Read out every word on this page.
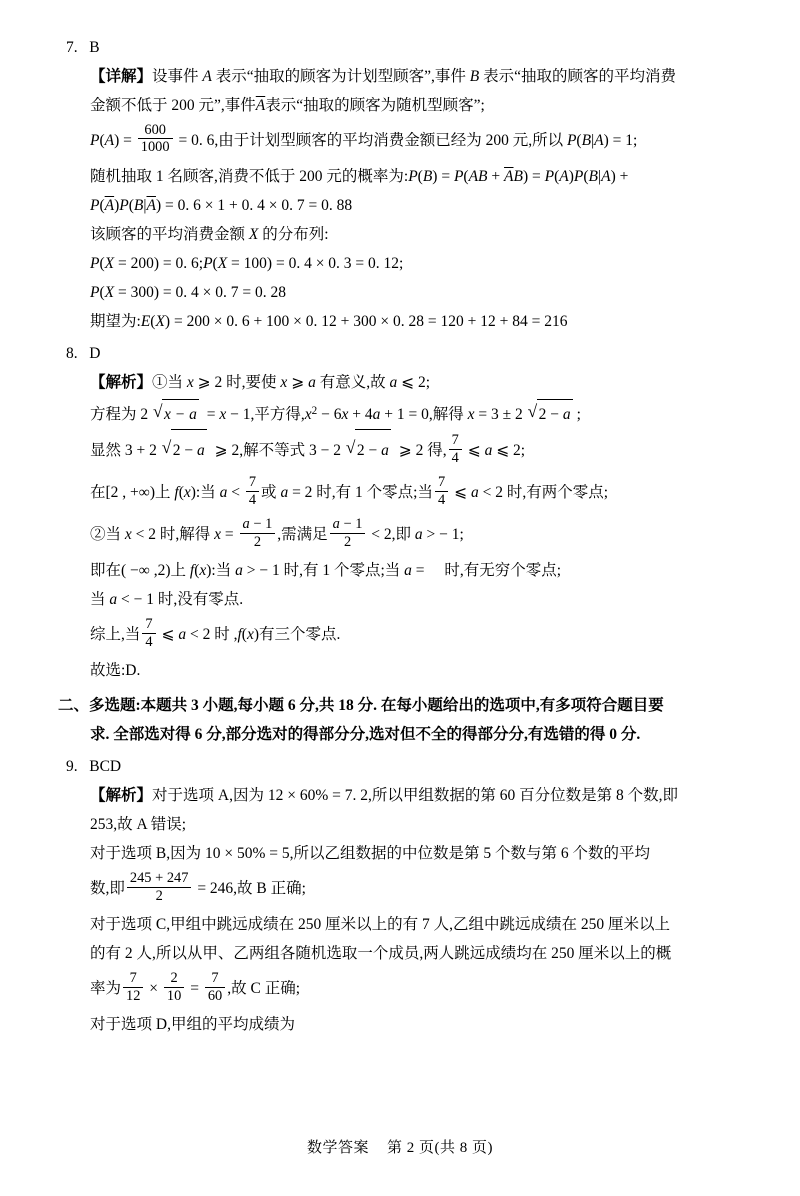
7. B
【详解】设事件 A 表示“抽取的顾客为计划型顾客”,事件 B 表示“抽取的顾客的平均消费
金额不低于 200 元”,事件$\overline{A}$表示“抽取的顾客为随机型顾客”;
$P(A) = \frac{600}{1000} = 0$. 6,由于计划型顾客的平均消费金额已经为 200 元,所以 P(B|A) = 1;
随机抽取 1 名顾客,消费不低于 200 元的概率为:P(B) = $P(AB + \overline{A}B) = P(A)P(B|A)$ +
$P(\overline{A})P(B|\overline{A}) = 0$. 6 × 1 + 0. 4 × 0. 7 = 0. 88
该顾客的平均消费金额 X 的分布列:
P(X = 200) = 0. 6;P(X = 100) = 0. 4 × 0. 3 = 0. 12;
P(X = 300) = 0. 4 × 0. 7 = 0. 28
期望为:E(X) = 200 × 0. 6 + 100 × 0. 12 + 300 × 0. 28 = 120 + 12 + 84 = 216
8. D
【解析】①当 x ⩾ 2 时,要使 x ⩾ a 有意义,故 a ⩽ 2;
方程为 2 √ x − a = x − 1,平方得$,x^2 - 6x + 4a + 1 = 0$,解得 x = 3 ± 2 √ 2 − a ;
显然 3 + 2 √ 2 − a ⩾ 2,解不等式 3 − 2 √ 2 − a ⩾ 2 得, $\frac{7}{4}$ ⩽ a ⩽ 2;
在[2 , +∞)上 f(x):当 $a < \frac{7}{4}$ 或 a = 2 时,有 1 个零点;当 $\frac{7}{4}$ ⩽ a < 2 时,有两个零点;
②当 x < 2 时,解得 $x = \frac{a - 1}{2}$ ,需满足 $\frac{a - 1}{2} < 2$,即 a > − 1;
即在( −∞ ,2)上 f(x):当 a > − 1 时,有 1 个零点;当 a = 时,有无穷个零点;
当 a < − 1 时,没有零点.
综上,当 $\frac{7}{4}$ ⩽ a < 2 时 ,f(x)有三个零点.
故选:D.
二、多选题:本题共 3 小题,每小题 6 分,共 18 分. 在每小题给出的选项中,有多项符合题目要
求. 全部选对得 6 分,部分选对的得部分分,选对但不全的得部分分,有选错的得 0 分.
9. BCD
【解析】对于选项 A,因为 12 × 60% = 7. 2,所以甲组数据的第 60 百分位数是第 8 个数,即
253,故 A 错误;
对于选项 B,因为 10 × 50% = 5,所以乙组数据的中位数是第 5 个数与第 6 个数的平均
数,即 $\frac{245 + 247}{2} = 246$,故 B 正确;
对于选项 C,甲组中跳远成绩在 250 厘米以上的有 7 人,乙组中跳远成绩在 250 厘米以上
的有 2 人,所以从甲、乙两组各随机选取一个成员,两人跳远成绩均在 250 厘米以上的概
率为 $\frac{7}{12} \times \frac{2}{10} = \frac{7}{60}$ ,故 C 正确;
对于选项 D,甲组的平均成绩为
数学答案 第 2 页(共 8 页)
